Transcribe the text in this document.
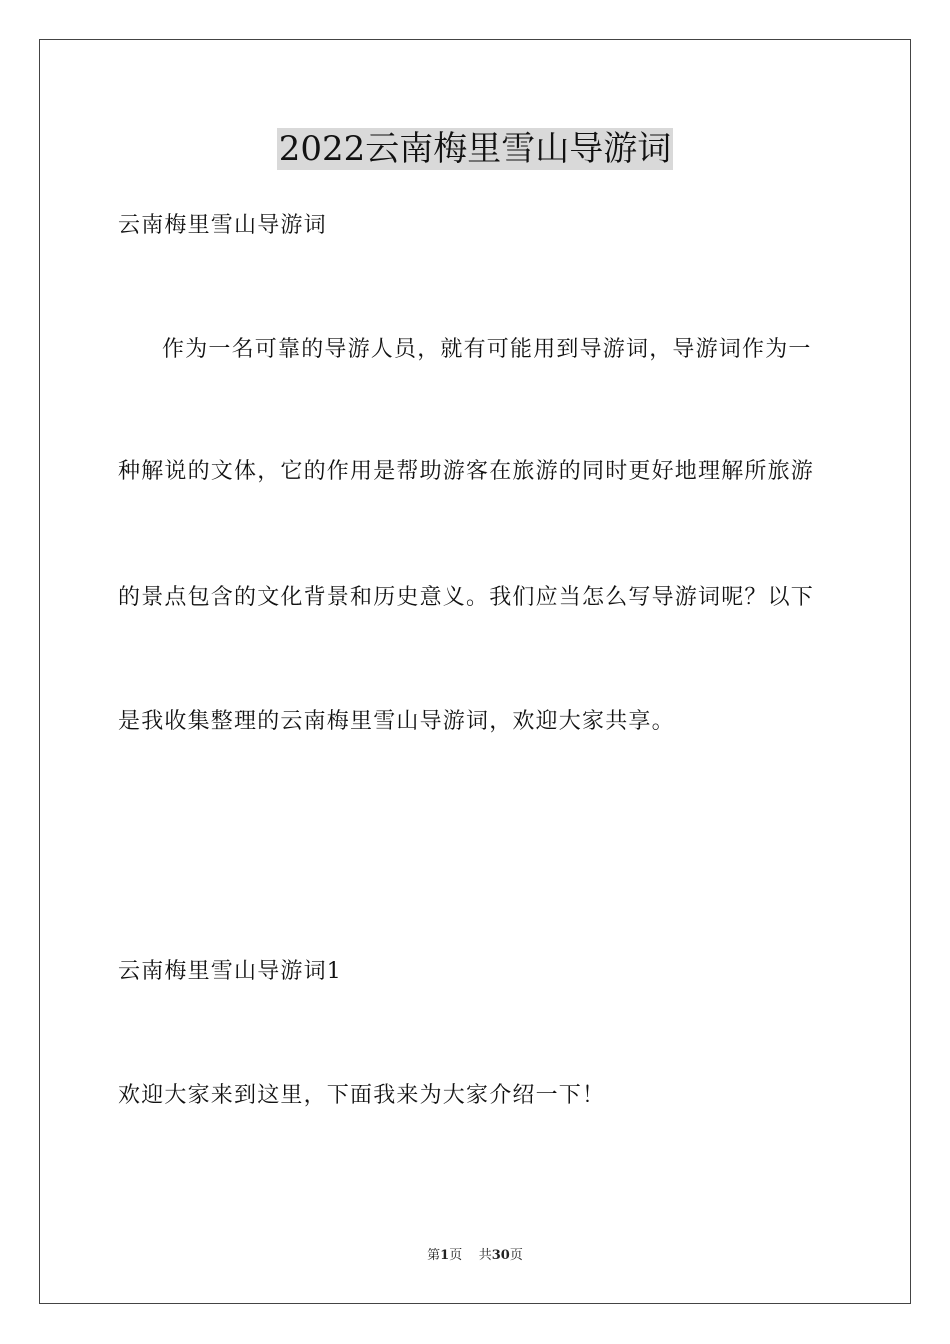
2022云南梅里雪山导游词
云南梅里雪山导游词
作为一名可靠的导游人员，就有可能用到导游词，导游词作为一
种解说的文体，它的作用是帮助游客在旅游的同时更好地理解所旅游
的景点包含的文化背景和历史意义。我们应当怎么写导游词呢？以下
是我收集整理的云南梅里雪山导游词，欢迎大家共享。
云南梅里雪山导游词1
欢迎大家来到这里，下面我来为大家介绍一下！
第1页 共30页
